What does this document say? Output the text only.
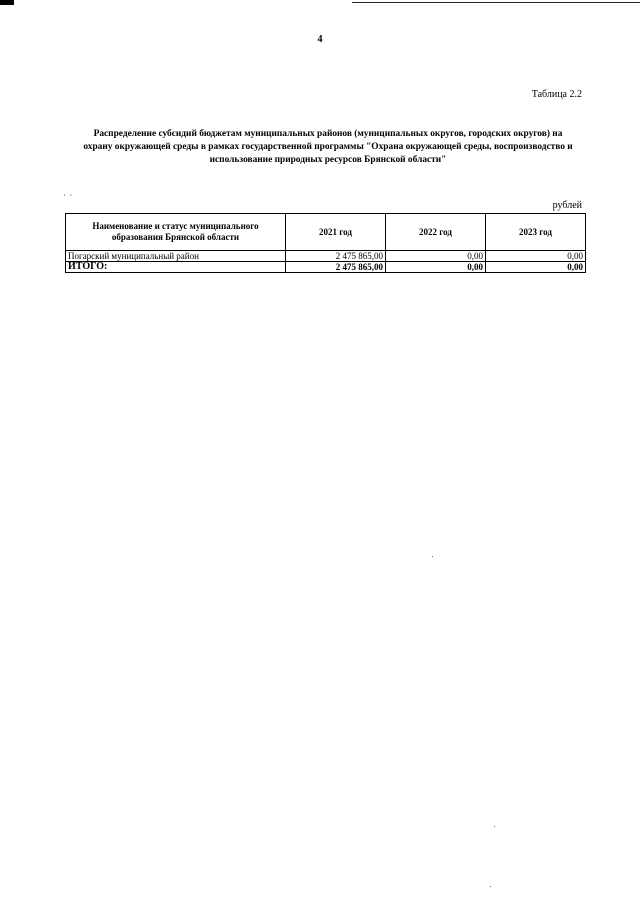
4
Таблица 2.2
Распределение субсидий бюджетам муниципальных районов (муниципальных округов, городских округов) на
охрану окружающей среды в рамках государственной программы "Охрана окружающей среды, воспроизводство и
использование природных ресурсов Брянской области"
· ·
рублей
Наименование и статус муниципального образования Брянской области	2021 год	2022 год	2023 год
Погарский муниципальный район	2 475 865,00	0,00	0,00
ИТОГО:	2 475 865,00	0,00	0,00
